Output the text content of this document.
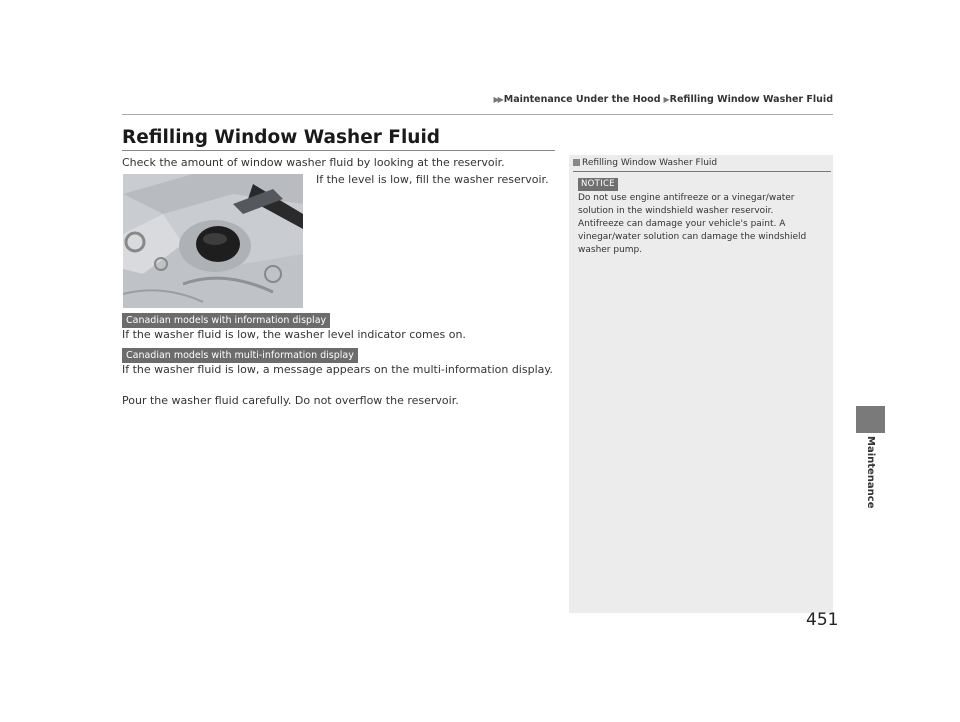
▶▶ Maintenance Under the Hood ▶ Refilling Window Washer Fluid
Refilling Window Washer Fluid
Check the amount of window washer fluid by looking at the reservoir.
If the level is low, fill the washer reservoir.
Canadian models with information display
If the washer fluid is low, the washer level indicator comes on.
Canadian models with multi-information display
If the washer fluid is low, a message appears on the multi-information display.
Pour the washer fluid carefully. Do not overflow the reservoir.
Refilling Window Washer Fluid
NOTICE
Do not use engine antifreeze or a vinegar/water
solution in the windshield washer reservoir.
Antifreeze can damage your vehicle's paint. A
vinegar/water solution can damage the windshield
washer pump.
Maintenance
451
